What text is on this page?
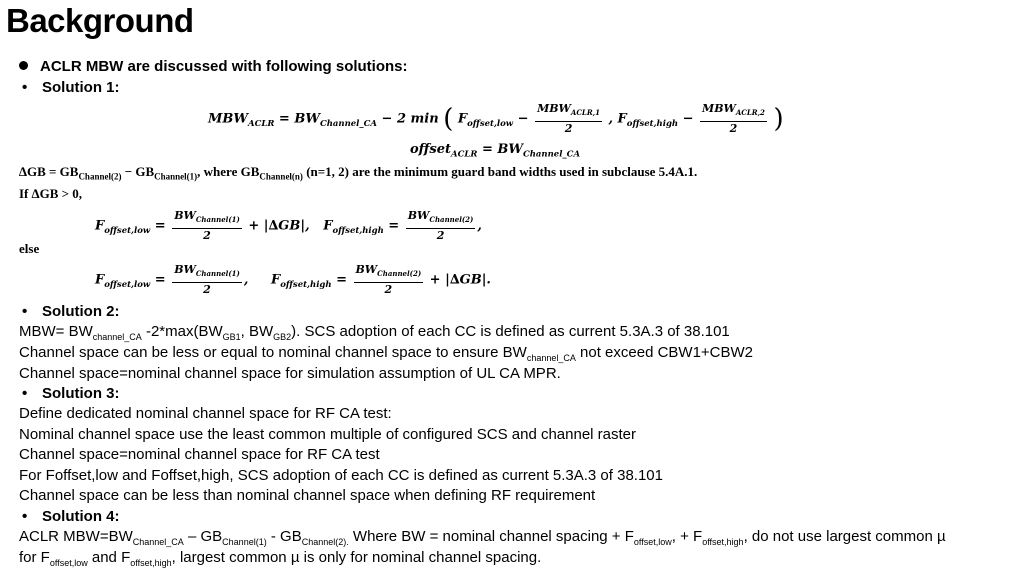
Background
ACLR MBW are discussed with following solutions:
• Solution 1:
$MBW_{ACLR} = BW_{Channel\_CA} - 2$ min ( $F_{offset,low} - \frac{MBW_{ACLR,1}}{2}$ , $F_{offset,high} - \frac{MBW_{ACLR,2}}{2}$ )
offset$_{ACLR}$ = $BW_{Channel\_CA}$
$\Delta GB = GB_{Channel(2)} - GB_{Channel(1)}$, where $GB_{Channel(n)}$ (n=1, 2) are the minimum guard band widths used in subclause 5.4A.1.
If ∆GB > 0,
$F_{offset,low} = \frac{BW_{Channel(1)}}{2} + |\Delta GB|$, $F_{offset,high} = \frac{BW_{Channel(2)}}{2}$ ,
else
$F_{offset,low} = \frac{BW_{Channel(1)}}{2}$ , $F_{offset,high} = \frac{BW_{Channel(2)}}{2} + |\Delta GB|$.
• Solution 2:
$MBW= BW_{channel\_CA}$ $-2*\max(BW_{GB1}$, $BW_{GB2}$). SCS adoption of each CC is defined as current 5.3A.3 of 38.101
Channel space can be less or equal to nominal channel space to ensure $BW_{channel\_CA}$ not exceed CBW1+CBW2
Channel space=nominal channel space for simulation assumption of UL CA MPR.
• Solution 3:
Define dedicated nominal channel space for RF CA test:
Nominal channel space use the least common multiple of configured SCS and channel raster
Channel space=nominal channel space for RF CA test
For Foffset,low and Foffset,high, SCS adoption of each CC is defined as current 5.3A.3 of 38.101
Channel space can be less than nominal channel space when defining RF requirement
• Solution 4:
ACLR $MBW=BW_{Channel\_CA} - GB_{Channel(1)} - GB_{Channel(2).}$ Where BW = nominal channel spacing + $F_{offset,low}$, + $F_{offset,high}$, do not use largest common µ
for $F_{offset,low}$ and $F_{offset,high}$, largest common µ is only for nominal channel spacing.
